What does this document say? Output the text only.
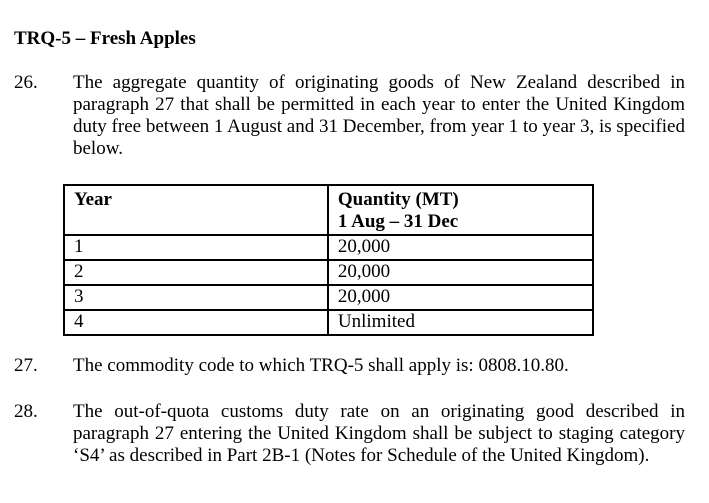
TRQ-5 – Fresh Apples
26. The aggregate quantity of originating goods of New Zealand described in paragraph 27 that shall be permitted in each year to enter the United Kingdom duty free between 1 August and 31 December, from year 1 to year 3, is specified below.
Year	Quantity (MT)
1 Aug – 31 Dec

1	20,000
2	20,000
3	20,000
4	Unlimited
27. The commodity code to which TRQ-5 shall apply is: 0808.10.80.
28. The out-of-quota customs duty rate on an originating good described in paragraph 27 entering the United Kingdom shall be subject to staging category ‘S4’ as described in Part 2B-1 (Notes for Schedule of the United Kingdom).
